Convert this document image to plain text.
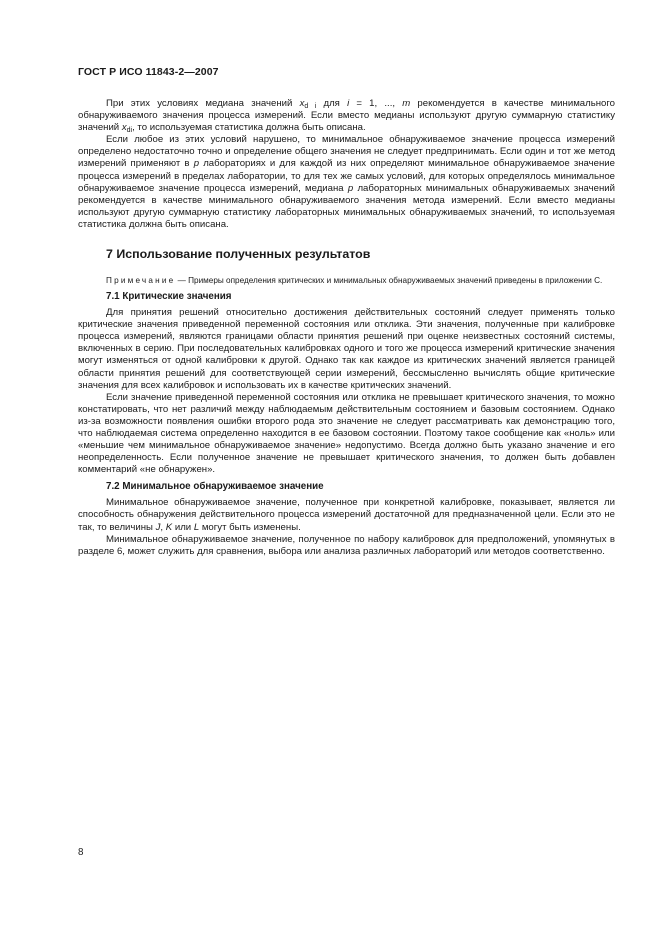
ГОСТ Р ИСО 11843-2—2007

При этих условиях медиана значений $x_{d i}$ для i = 1, ..., m рекомендуется в качестве минимального обнаруживаемого значения процесса измерений. Если вместо медианы используют другую суммарную статистику значений $x_{di}$, то используемая статистика должна быть описана.

Если любое из этих условий нарушено, то минимальное обнаруживаемое значение процесса измерений определено недостаточно точно и определение общего значения не следует предпринимать. Если один и тот же метод измерений применяют в p лабораториях и для каждой из них определяют минимальное обнаруживаемое значение процесса измерений в пределах лаборатории, то для тех же самых условий, для которых определялось минимальное обнаруживаемое значение процесса измерений, медиана p лабораторных минимальных обнаруживаемых значений рекомендуется в качестве минимального обнаруживаемого значения метода измерений. Если вместо медианы используют другую суммарную статистику лабораторных минимальных обнаруживаемых значений, то используемая статистика должна быть описана.

7 Использование полученных результатов

Примечание — Примеры определения критических и минимальных обнаруживаемых значений приведены в приложении С.

7.1 Критические значения

Для принятия решений относительно достижения действительных состояний следует применять только критические значения приведенной переменной состояния или отклика. Эти значения, полученные при калибровке процесса измерений, являются границами области принятия решений при оценке неизвестных состояний системы, включенных в серию. При последовательных калибровках одного и того же процесса измерений критические значения могут изменяться от одной калибровки к другой. Однако так как каждое из критических значений является границей области принятия решений для соответствующей серии измерений, бессмысленно вычислять общие критические значения для всех калибровок и использовать их в качестве критических значений.

Если значение приведенной переменной состояния или отклика не превышает критического значения, то можно констатировать, что нет различий между наблюдаемым действительным состоянием и базовым состоянием. Однако из-за возможности появления ошибки второго рода это значение не следует рассматривать как демонстрацию того, что наблюдаемая система определенно находится в ее базовом состоянии. Поэтому такое сообщение как «ноль» или «меньшие чем минимальное обнаруживаемое значение» недопустимо. Всегда должно быть указано значение и его неопределенность. Если полученное значение не превышает критического значения, то должен быть добавлен комментарий «не обнаружен».

7.2 Минимальное обнаруживаемое значение

Минимальное обнаруживаемое значение, полученное при конкретной калибровке, показывает, является ли способность обнаружения действительного процесса измерений достаточной для предназначенной цели. Если это не так, то величины J, K или L могут быть изменены.

Минимальное обнаруживаемое значение, полученное по набору калибровок для предположений, упомянутых в разделе 6, может служить для сравнения, выбора или анализа различных лабораторий или методов соответственно.

8
